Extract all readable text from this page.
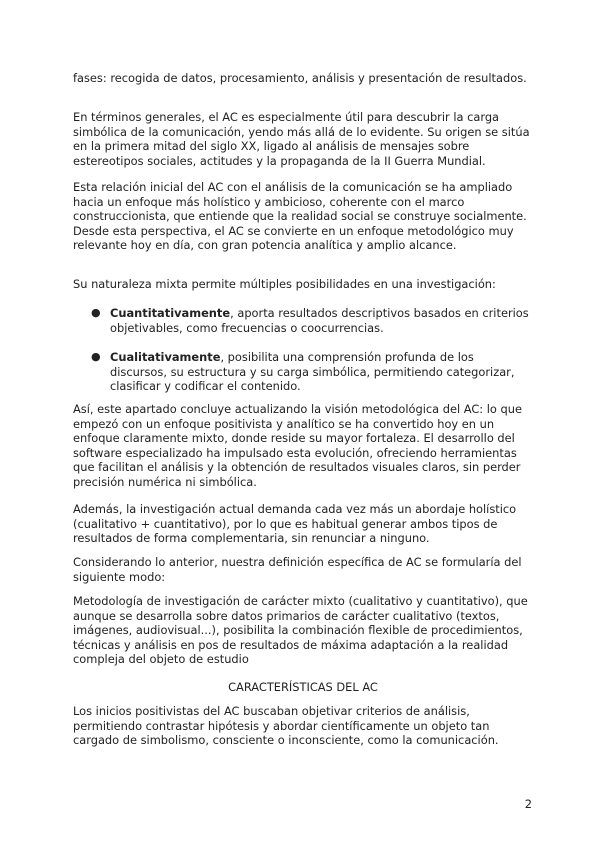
fases: recogida de datos, procesamiento, análisis y presentación de resultados.

En términos generales, el AC es especialmente útil para descubrir la carga simbólica de la comunicación, yendo más allá de lo evidente. Su origen se sitúa en la primera mitad del siglo XX, ligado al análisis de mensajes sobre estereotipos sociales, actitudes y la propaganda de la II Guerra Mundial.

Esta relación inicial del AC con el análisis de la comunicación se ha ampliado hacia un enfoque más holístico y ambicioso, coherente con el marco construccionista, que entiende que la realidad social se construye socialmente. Desde esta perspectiva, el AC se convierte en un enfoque metodológico muy relevante hoy en día, con gran potencia analítica y amplio alcance.

Su naturaleza mixta permite múltiples posibilidades en una investigación:

● Cuantitativamente, aporta resultados descriptivos basados en criterios objetivables, como frecuencias o coocurrencias.

● Cualitativamente, posibilita una comprensión profunda de los discursos, su estructura y su carga simbólica, permitiendo categorizar, clasificar y codificar el contenido.

Así, este apartado concluye actualizando la visión metodológica del AC: lo que empezó con un enfoque positivista y analítico se ha convertido hoy en un enfoque claramente mixto, donde reside su mayor fortaleza. El desarrollo del software especializado ha impulsado esta evolución, ofreciendo herramientas que facilitan el análisis y la obtención de resultados visuales claros, sin perder precisión numérica ni simbólica.

Además, la investigación actual demanda cada vez más un abordaje holístico (cualitativo + cuantitativo), por lo que es habitual generar ambos tipos de resultados de forma complementaria, sin renunciar a ninguno.

Considerando lo anterior, nuestra definición específica de AC se formularía del siguiente modo:

Metodología de investigación de carácter mixto (cualitativo y cuantitativo), que aunque se desarrolla sobre datos primarios de carácter cualitativo (textos, imágenes, audiovisual...), posibilita la combinación flexible de procedimientos, técnicas y análisis en pos de resultados de máxima adaptación a la realidad compleja del objeto de estudio

CARACTERÍSTICAS DEL AC

Los inicios positivistas del AC buscaban objetivar criterios de análisis, permitiendo contrastar hipótesis y abordar científicamente un objeto tan cargado de simbolismo, consciente o inconsciente, como la comunicación.

2
